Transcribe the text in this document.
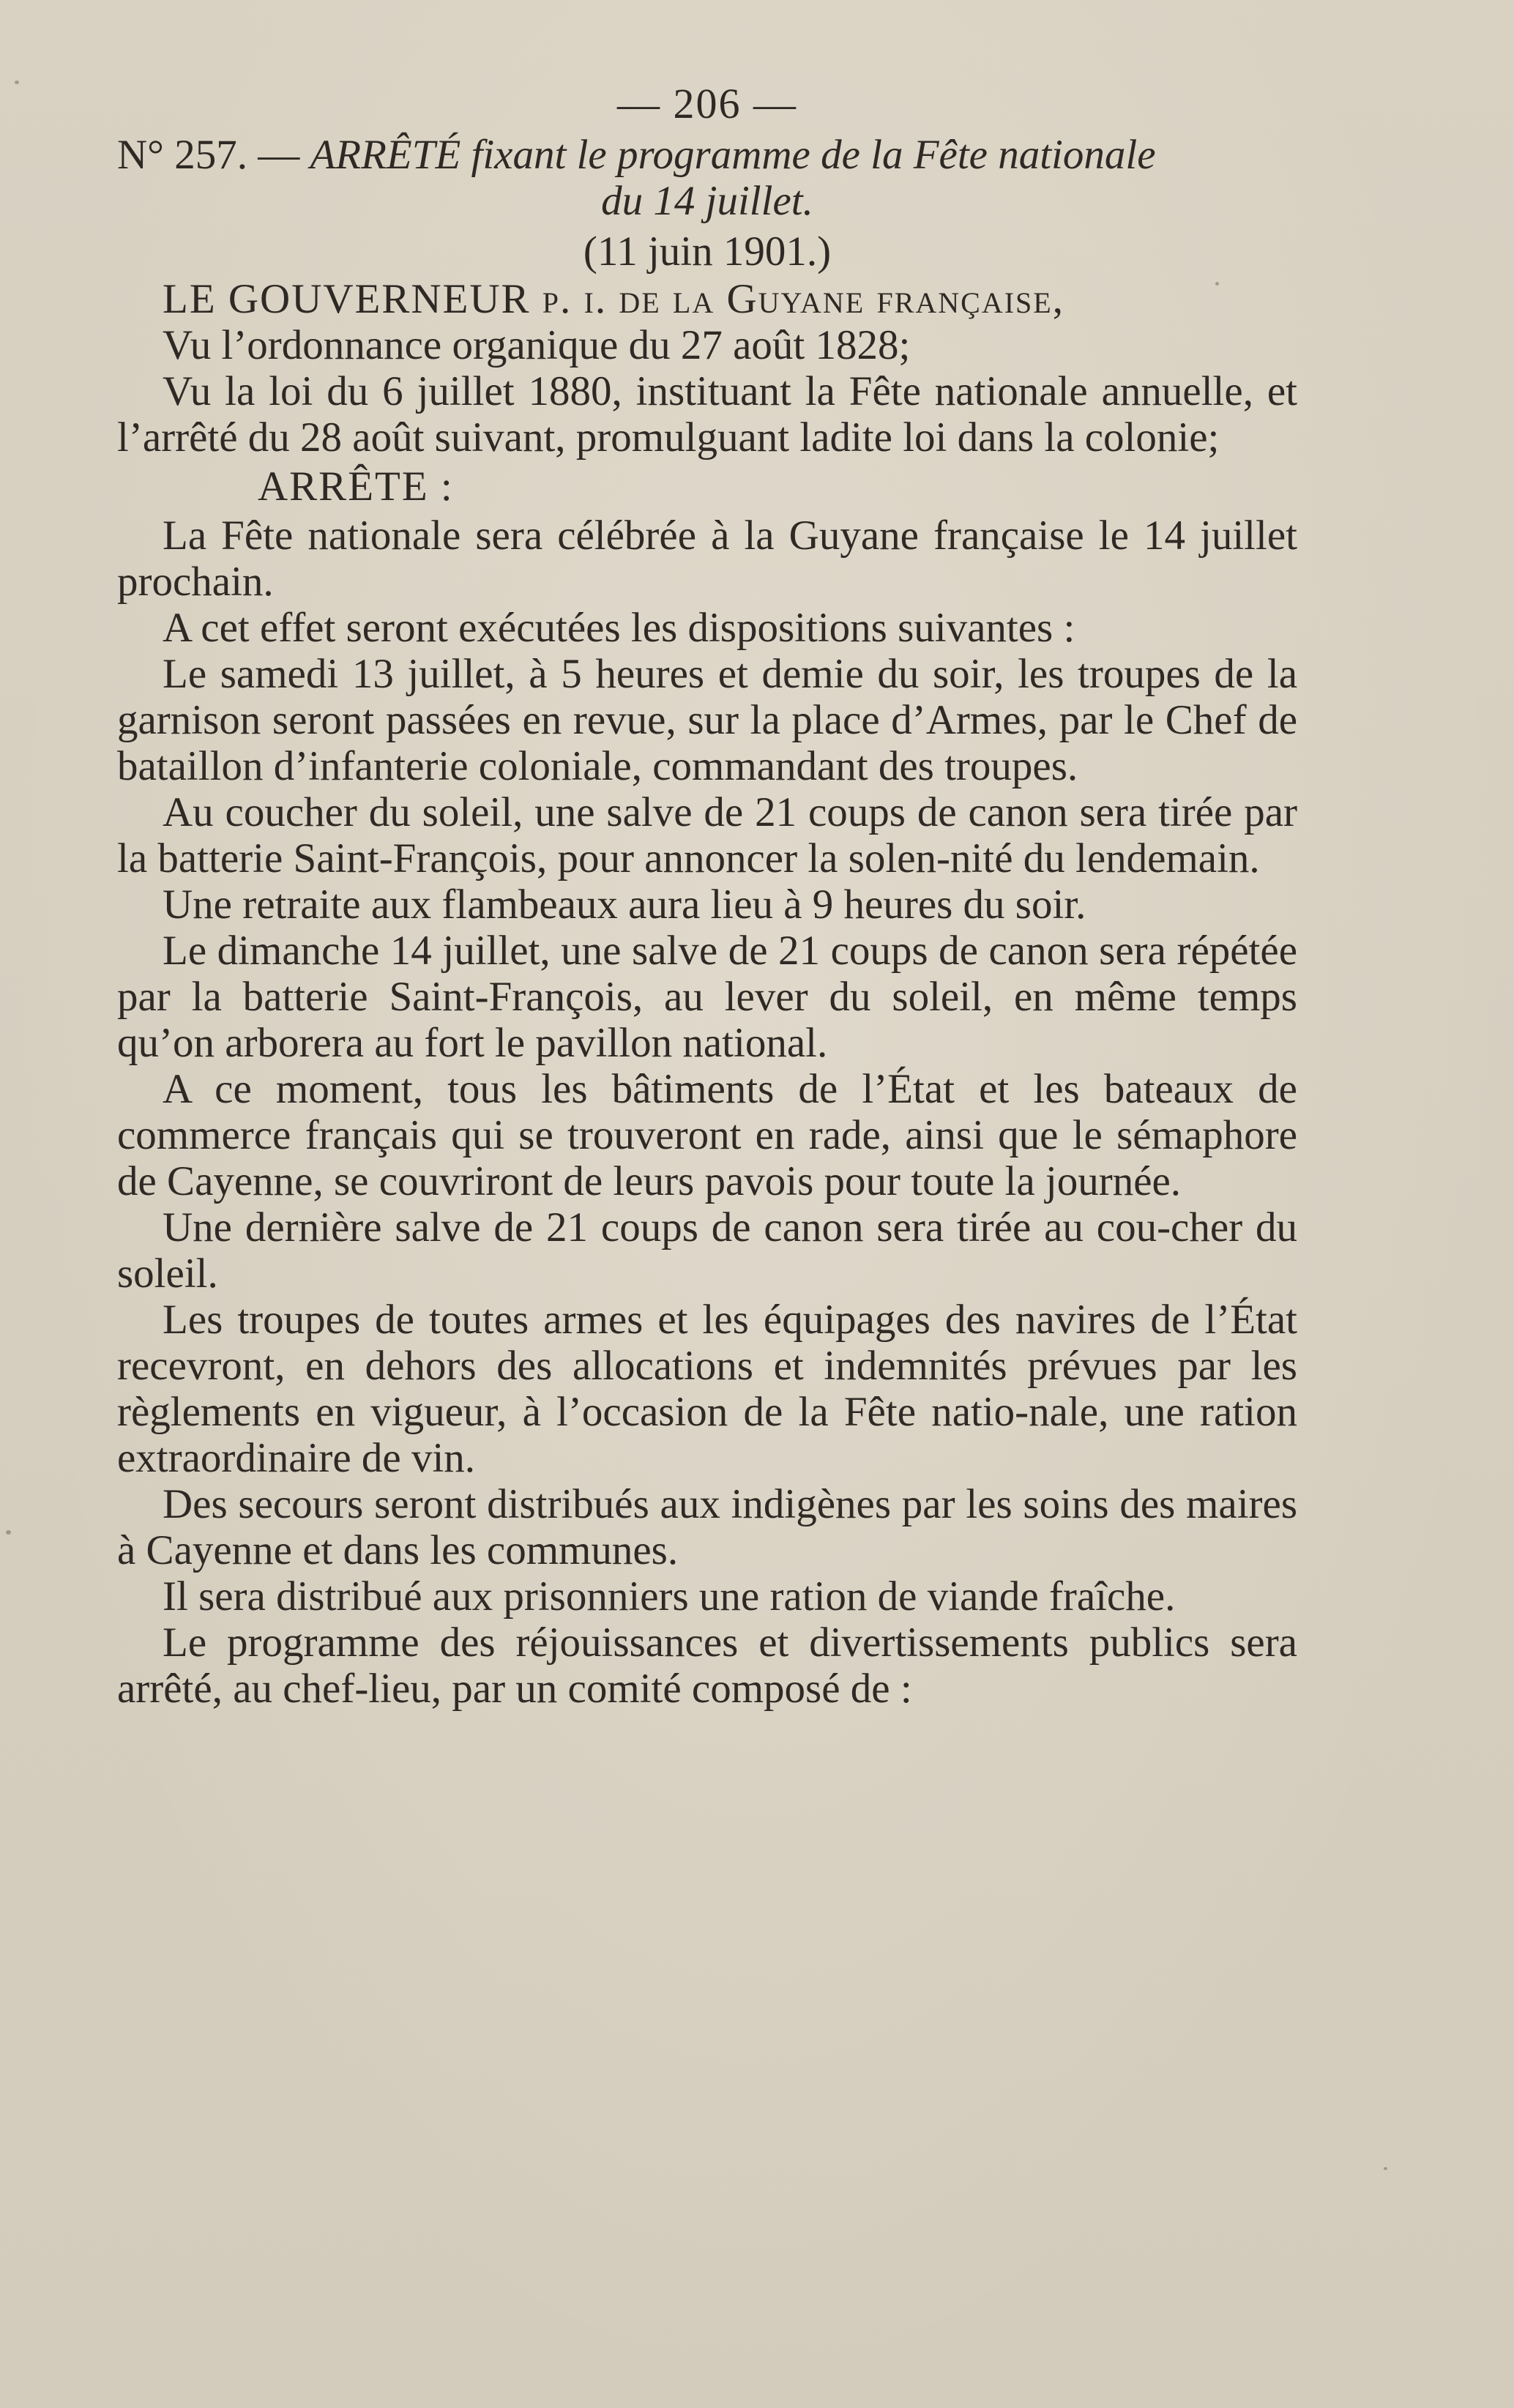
— 206 —
N° 257. — ARRÊTÉ fixant le programme de la Fête nationale
du 14 juillet.
(11 juin 1901.)

LE GOUVERNEUR p. i. de la Guyane française,

Vu l’ordonnance organique du 27 août 1828;

Vu la loi du 6 juillet 1880, instituant la Fête nationale annuelle, et l’arrêté du 28 août suivant, promulguant ladite loi dans la colonie;

ARRÊTE :

La Fête nationale sera célébrée à la Guyane française le 14 juillet prochain.

A cet effet seront exécutées les dispositions suivantes :

Le samedi 13 juillet, à 5 heures et demie du soir, les troupes de la garnison seront passées en revue, sur la place d’Armes, par le Chef de bataillon d’infanterie coloniale, commandant des troupes.

Au coucher du soleil, une salve de 21 coups de canon sera tirée par la batterie Saint-François, pour annoncer la solen-nité du lendemain.

Une retraite aux flambeaux aura lieu à 9 heures du soir.

Le dimanche 14 juillet, une salve de 21 coups de canon sera répétée par la batterie Saint-François, au lever du soleil, en même temps qu’on arborera au fort le pavillon national.

A ce moment, tous les bâtiments de l’État et les bateaux de commerce français qui se trouveront en rade, ainsi que le sémaphore de Cayenne, se couvriront de leurs pavois pour toute la journée.

Une dernière salve de 21 coups de canon sera tirée au cou-cher du soleil.

Les troupes de toutes armes et les équipages des navires de l’État recevront, en dehors des allocations et indemnités prévues par les règlements en vigueur, à l’occasion de la Fête natio-nale, une ration extraordinaire de vin.

Des secours seront distribués aux indigènes par les soins des maires à Cayenne et dans les communes.

Il sera distribué aux prisonniers une ration de viande fraîche.

Le programme des réjouissances et divertissements publics sera arrêté, au chef-lieu, par un comité composé de :
